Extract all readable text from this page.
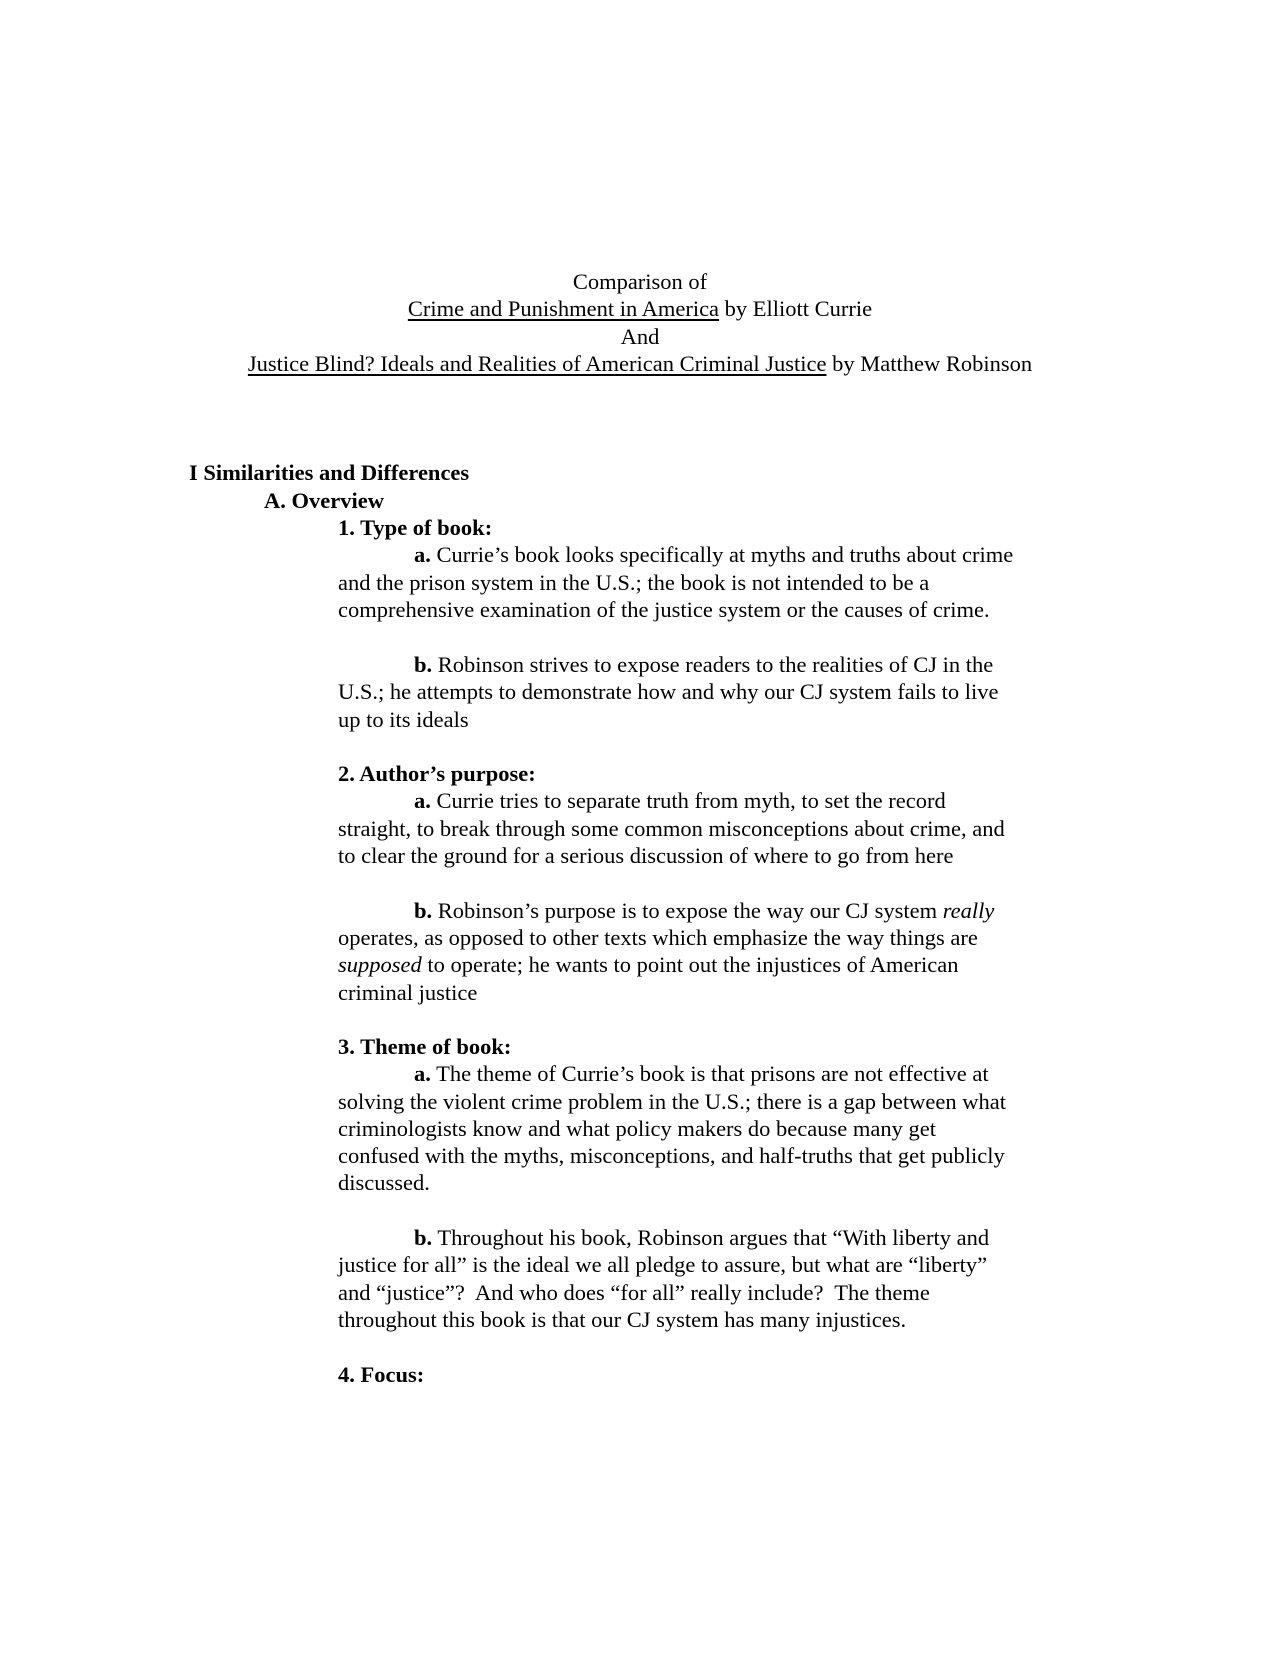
Comparison of
Crime and Punishment in America by Elliott Currie
And
Justice Blind? Ideals and Realities of American Criminal Justice by Matthew Robinson
I Similarities and Differences
A. Overview
1. Type of book:
a. Currie’s book looks specifically at myths and truths about crime
and the prison system in the U.S.; the book is not intended to be a
comprehensive examination of the justice system or the causes of crime.
b. Robinson strives to expose readers to the realities of CJ in the
U.S.; he attempts to demonstrate how and why our CJ system fails to live
up to its ideals
2. Author’s purpose:
a. Currie tries to separate truth from myth, to set the record
straight, to break through some common misconceptions about crime, and
to clear the ground for a serious discussion of where to go from here
b. Robinson’s purpose is to expose the way our CJ system really
operates, as opposed to other texts which emphasize the way things are
supposed to operate; he wants to point out the injustices of American
criminal justice
3. Theme of book:
a. The theme of Currie’s book is that prisons are not effective at
solving the violent crime problem in the U.S.; there is a gap between what
criminologists know and what policy makers do because many get
confused with the myths, misconceptions, and half-truths that get publicly
discussed.
b. Throughout his book, Robinson argues that “With liberty and
justice for all” is the ideal we all pledge to assure, but what are “liberty”
and “justice”?  And who does “for all” really include?  The theme
throughout this book is that our CJ system has many injustices.
4. Focus:
